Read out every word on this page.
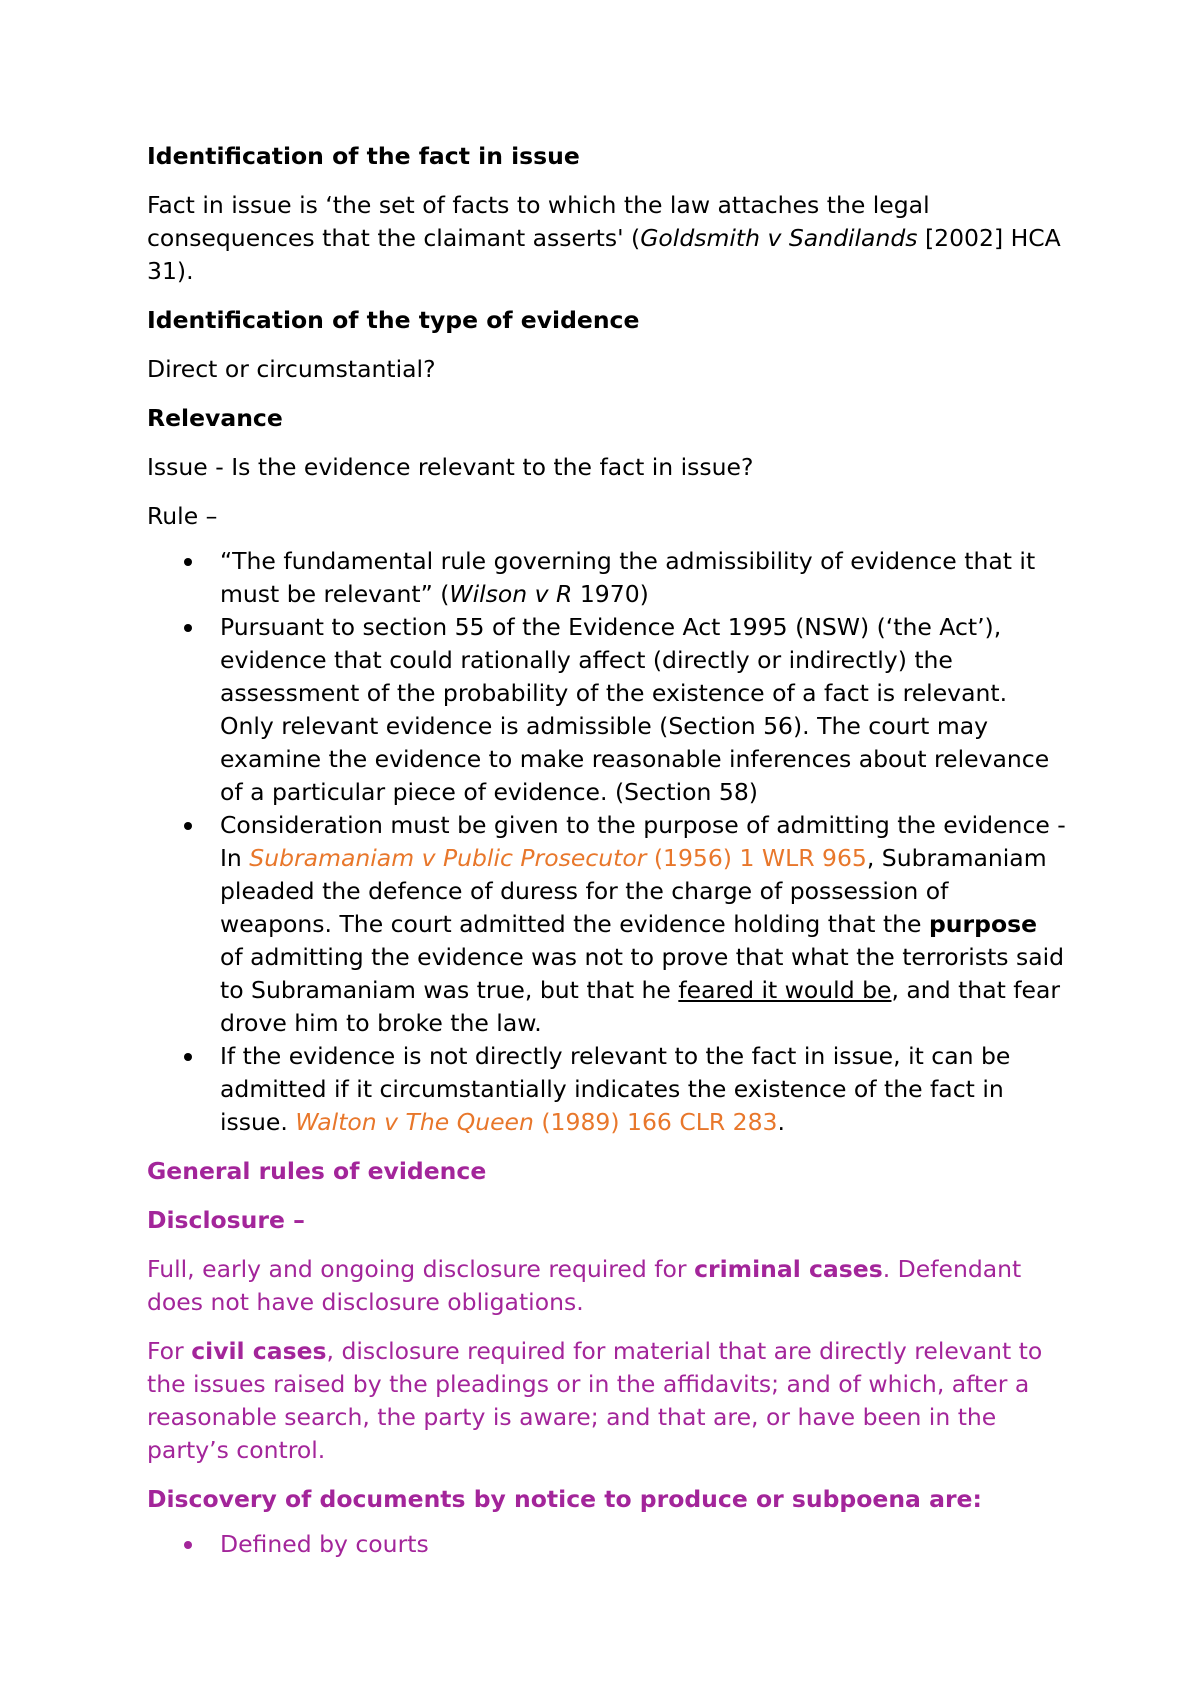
Identification of the fact in issue

Fact in issue is ‘the set of facts to which the law attaches the legal consequences that the claimant asserts' (Goldsmith v Sandilands [2002] HCA 31).

Identification of the type of evidence

Direct or circumstantial?

Relevance

Issue - Is the evidence relevant to the fact in issue?

Rule –

“The fundamental rule governing the admissibility of evidence that it must be relevant” (Wilson v R 1970)
Pursuant to section 55 of the Evidence Act 1995 (NSW) (‘the Act’), evidence that could rationally affect (directly or indirectly) the assessment of the probability of the existence of a fact is relevant. Only relevant evidence is admissible (Section 56). The court may examine the evidence to make reasonable inferences about relevance of a particular piece of evidence. (Section 58)
Consideration must be given to the purpose of admitting the evidence -In Subramaniam v Public Prosecutor (1956) 1 WLR 965, Subramaniam pleaded the defence of duress for the charge of possession of weapons. The court admitted the evidence holding that the purpose of admitting the evidence was not to prove that what the terrorists said to Subramaniam was true, but that he feared it would be, and that fear drove him to broke the law.
If the evidence is not directly relevant to the fact in issue, it can be admitted if it circumstantially indicates the existence of the fact in issue. Walton v The Queen (1989) 166 CLR 283.

General rules of evidence

Disclosure –

Full, early and ongoing disclosure required for criminal cases. Defendant does not have disclosure obligations.

For civil cases, disclosure required for material that are directly relevant to the issues raised by the pleadings or in the affidavits; and of which, after a reasonable search, the party is aware; and that are, or have been in the party’s control.

Discovery of documents by notice to produce or subpoena are:

Defined by courts
